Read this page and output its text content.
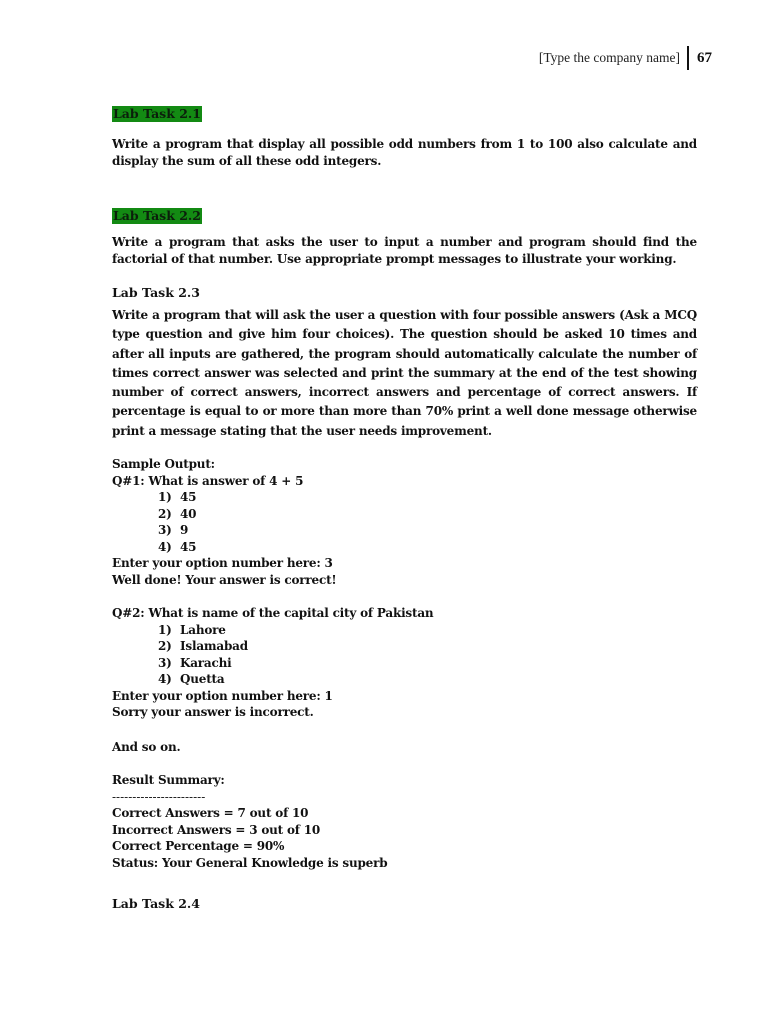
[Type the company name]	67

Lab Task 2.1

Write a program that display all possible odd numbers from 1 to 100 also calculate and display the sum of all these odd integers.

Lab Task 2.2

Write a program that asks the user to input a number and program should find the factorial of that number. Use appropriate prompt messages to illustrate your working.

Lab Task 2.3

Write a program that will ask the user a question with four possible answers (Ask a MCQ type question and give him four choices). The question should be asked 10 times and after all inputs are gathered, the program should automatically calculate the number of times correct answer was selected and print the summary at the end of the test showing number of correct answers, incorrect answers and percentage of correct answers. If percentage is equal to or more than more than 70% print a well done message otherwise print a message stating that the user needs improvement.

Sample Output:

Q#1: What is answer of 4 + 5

1) 45

2) 40

3) 9

4) 45

Enter your option number here: 3

Well done! Your answer is correct!

Q#2: What is name of the capital city of Pakistan

1) Lahore

2) Islamabad

3) Karachi

4) Quetta

Enter your option number here: 1

Sorry your answer is incorrect.

And so on.

Result Summary:

-----------------------

Correct Answers = 7 out of 10

Incorrect Answers = 3 out of 10

Correct Percentage = 90%

Status: Your General Knowledge is superb

Lab Task 2.4
